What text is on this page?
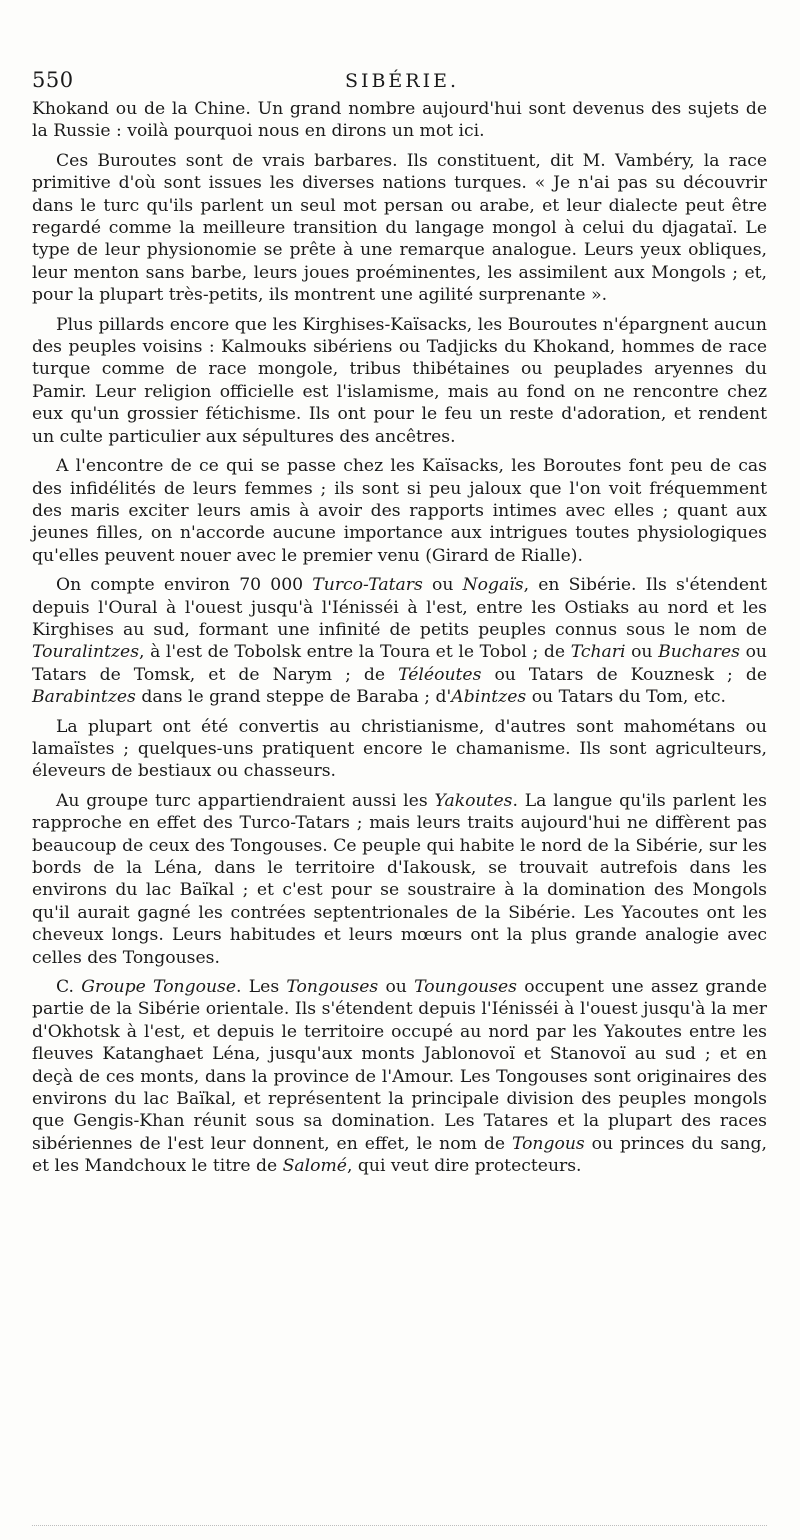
550	SIBÉRIE.

Khokand ou de la Chine. Un grand nombre aujourd'hui sont devenus des sujets de la Russie : voilà pourquoi nous en dirons un mot ici.

Ces Buroutes sont de vrais barbares. Ils constituent, dit M. Vambéry, la race primitive d'où sont issues les diverses nations turques. « Je n'ai pas su découvrir dans le turc qu'ils parlent un seul mot persan ou arabe, et leur dialecte peut être regardé comme la meilleure transition du langage mongol à celui du djagataï. Le type de leur physionomie se prête à une remarque analogue. Leurs yeux obliques, leur menton sans barbe, leurs joues proéminentes, les assimilent aux Mongols ; et, pour la plupart très-petits, ils montrent une agilité surprenante ».

Plus pillards encore que les Kirghises-Kaïsacks, les Bouroutes n'épargnent aucun des peuples voisins : Kalmouks sibériens ou Tadjicks du Khokand, hommes de race turque comme de race mongole, tribus thibétaines ou peuplades aryennes du Pamir. Leur religion officielle est l'islamisme, mais au fond on ne rencontre chez eux qu'un grossier fétichisme. Ils ont pour le feu un reste d'adoration, et rendent un culte particulier aux sépultures des ancêtres.

A l'encontre de ce qui se passe chez les Kaïsacks, les Boroutes font peu de cas des infidélités de leurs femmes ; ils sont si peu jaloux que l'on voit fréquemment des maris exciter leurs amis à avoir des rapports intimes avec elles ; quant aux jeunes filles, on n'accorde aucune importance aux intrigues toutes physiologiques qu'elles peuvent nouer avec le premier venu (Girard de Rialle).

On compte environ 70 000 Turco-Tatars ou Nogaïs, en Sibérie. Ils s'étendent depuis l'Oural à l'ouest jusqu'à l'Iénisséi à l'est, entre les Ostiaks au nord et les Kirghises au sud, formant une infinité de petits peuples connus sous le nom de Touralintzes, à l'est de Tobolsk entre la Toura et le Tobol ; de Tchari ou Buchares ou Tatars de Tomsk, et de Narym ; de Téléoutes ou Tatars de Kouznesk ; de Barabintzes dans le grand steppe de Baraba ; d'Abintzes ou Tatars du Tom, etc.

La plupart ont été convertis au christianisme, d'autres sont mahométans ou lamaïstes ; quelques-uns pratiquent encore le chamanisme. Ils sont agriculteurs, éleveurs de bestiaux ou chasseurs.

Au groupe turc appartiendraient aussi les Yakoutes. La langue qu'ils parlent les rapproche en effet des Turco-Tatars ; mais leurs traits aujourd'hui ne diffèrent pas beaucoup de ceux des Tongouses. Ce peuple qui habite le nord de la Sibérie, sur les bords de la Léna, dans le territoire d'Iakousk, se trouvait autrefois dans les environs du lac Baïkal ; et c'est pour se soustraire à la domination des Mongols qu'il aurait gagné les contrées septentrionales de la Sibérie. Les Yacoutes ont les cheveux longs. Leurs habitudes et leurs mœurs ont la plus grande analogie avec celles des Tongouses.

C. Groupe Tongouse. Les Tongouses ou Toungouses occupent une assez grande partie de la Sibérie orientale. Ils s'étendent depuis l'Iénisséi à l'ouest jusqu'à la mer d'Okhotsk à l'est, et depuis le territoire occupé au nord par les Yakoutes entre les fleuves Katanghaet Léna, jusqu'aux monts Jablonovoï et Stanovoï au sud ; et en deçà de ces monts, dans la province de l'Amour. Les Tongouses sont originaires des environs du lac Baïkal, et représentent la principale division des peuples mongols que Gengis-Khan réunit sous sa domination. Les Tatares et la plupart des races sibériennes de l'est leur donnent, en effet, le nom de Tongous ou princes du sang, et les Mandchoux le titre de Salomé, qui veut dire protecteurs.
